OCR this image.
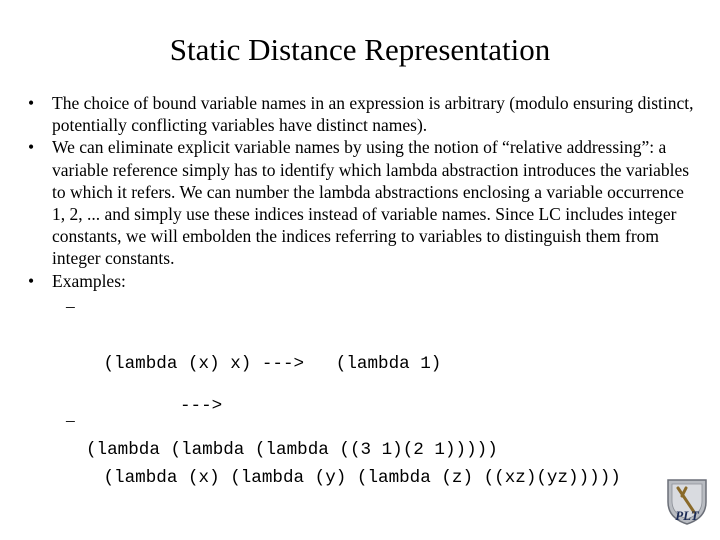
Static Distance Representation
• The choice of bound variable names in an expression is arbitrary (modulo ensuring distinct, potentially conflicting variables have distinct names).
• We can eliminate explicit variable names by using the notion of “relative addressing”: a variable reference simply has to identify which lambda abstraction introduces the variables to which it refers. We can number the lambda abstractions enclosing a variable occurrence 1, 2, ... and simply use these indices instead of variable names. Since LC includes integer constants, we will embolden the indices referring to variables to distinguish them from integer constants.
• Examples:

–

(lambda (x) x) --->   (lambda 1)

–

(lambda (x) (lambda (y) (lambda (z) ((xz)(yz)))))

--->
(lambda (lambda (lambda ((3 1)(2 1)))))
PLT
